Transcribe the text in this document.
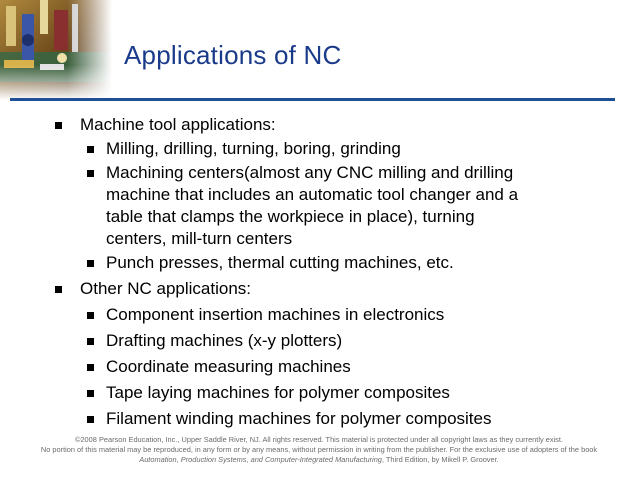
Applications of NC
Machine tool applications:
Milling, drilling, turning, boring, grinding
Machining centers(almost any CNC milling and drilling machine that includes an automatic tool changer and a table that clamps the workpiece in place), turning centers, mill-turn centers
Punch presses, thermal cutting machines, etc.
Other NC applications:
Component insertion machines in electronics
Drafting machines (x-y plotters)
Coordinate measuring machines
Tape laying machines for polymer composites
Filament winding machines for polymer composites
©2008 Pearson Education, Inc., Upper Saddle River, NJ. All rights reserved. This material is protected under all copyright laws as they currently exist.
No portion of this material may be reproduced, in any form or by any means, without permission in writing from the publisher. For the exclusive use of adopters of the book
Automation, Production Systems, and Computer-Integrated Manufacturing, Third Edition, by Mikell P. Groover.
